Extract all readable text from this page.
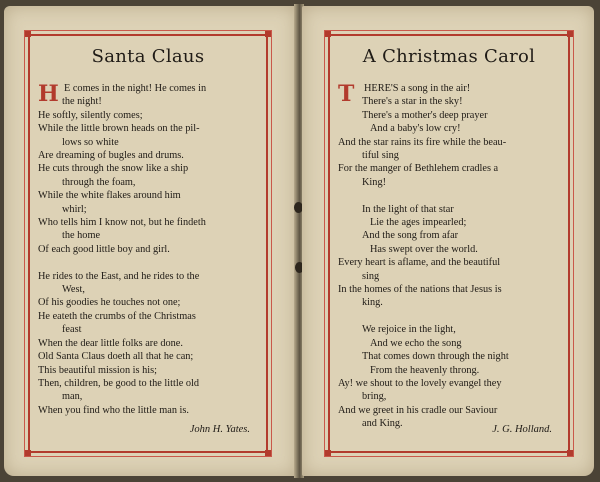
Santa Claus
H E comes in the night! He comes in
the night!
He softly, silently comes;
While the little brown heads on the pil-
lows so white
Are dreaming of bugles and drums.
He cuts through the snow like a ship
through the foam,
While the white flakes around him
whirl;
Who tells him I know not, but he findeth
the home
Of each good little boy and girl.
He rides to the East, and he rides to the
West,
Of his goodies he touches not one;
He eateth the crumbs of the Christmas
feast
When the dear little folks are done.
Old Santa Claus doeth all that he can;
This beautiful mission is his;
Then, children, be good to the little old
man,
When you find who the little man is.
John H. Yates.
A Christmas Carol
T HERE'S a song in the air!
There's a star in the sky!
There's a mother's deep prayer
And a baby's low cry!
And the star rains its fire while the beau-
tiful sing
For the manger of Bethlehem cradles a
King!
In the light of that star
Lie the ages impearled;
And the song from afar
Has swept over the world.
Every heart is aflame, and the beautiful
sing
In the homes of the nations that Jesus is
king.
We rejoice in the light,
And we echo the song
That comes down through the night
From the heavenly throng.
Ay! we shout to the lovely evangel they
bring,
And we greet in his cradle our Saviour
and King.
J. G. Holland.
